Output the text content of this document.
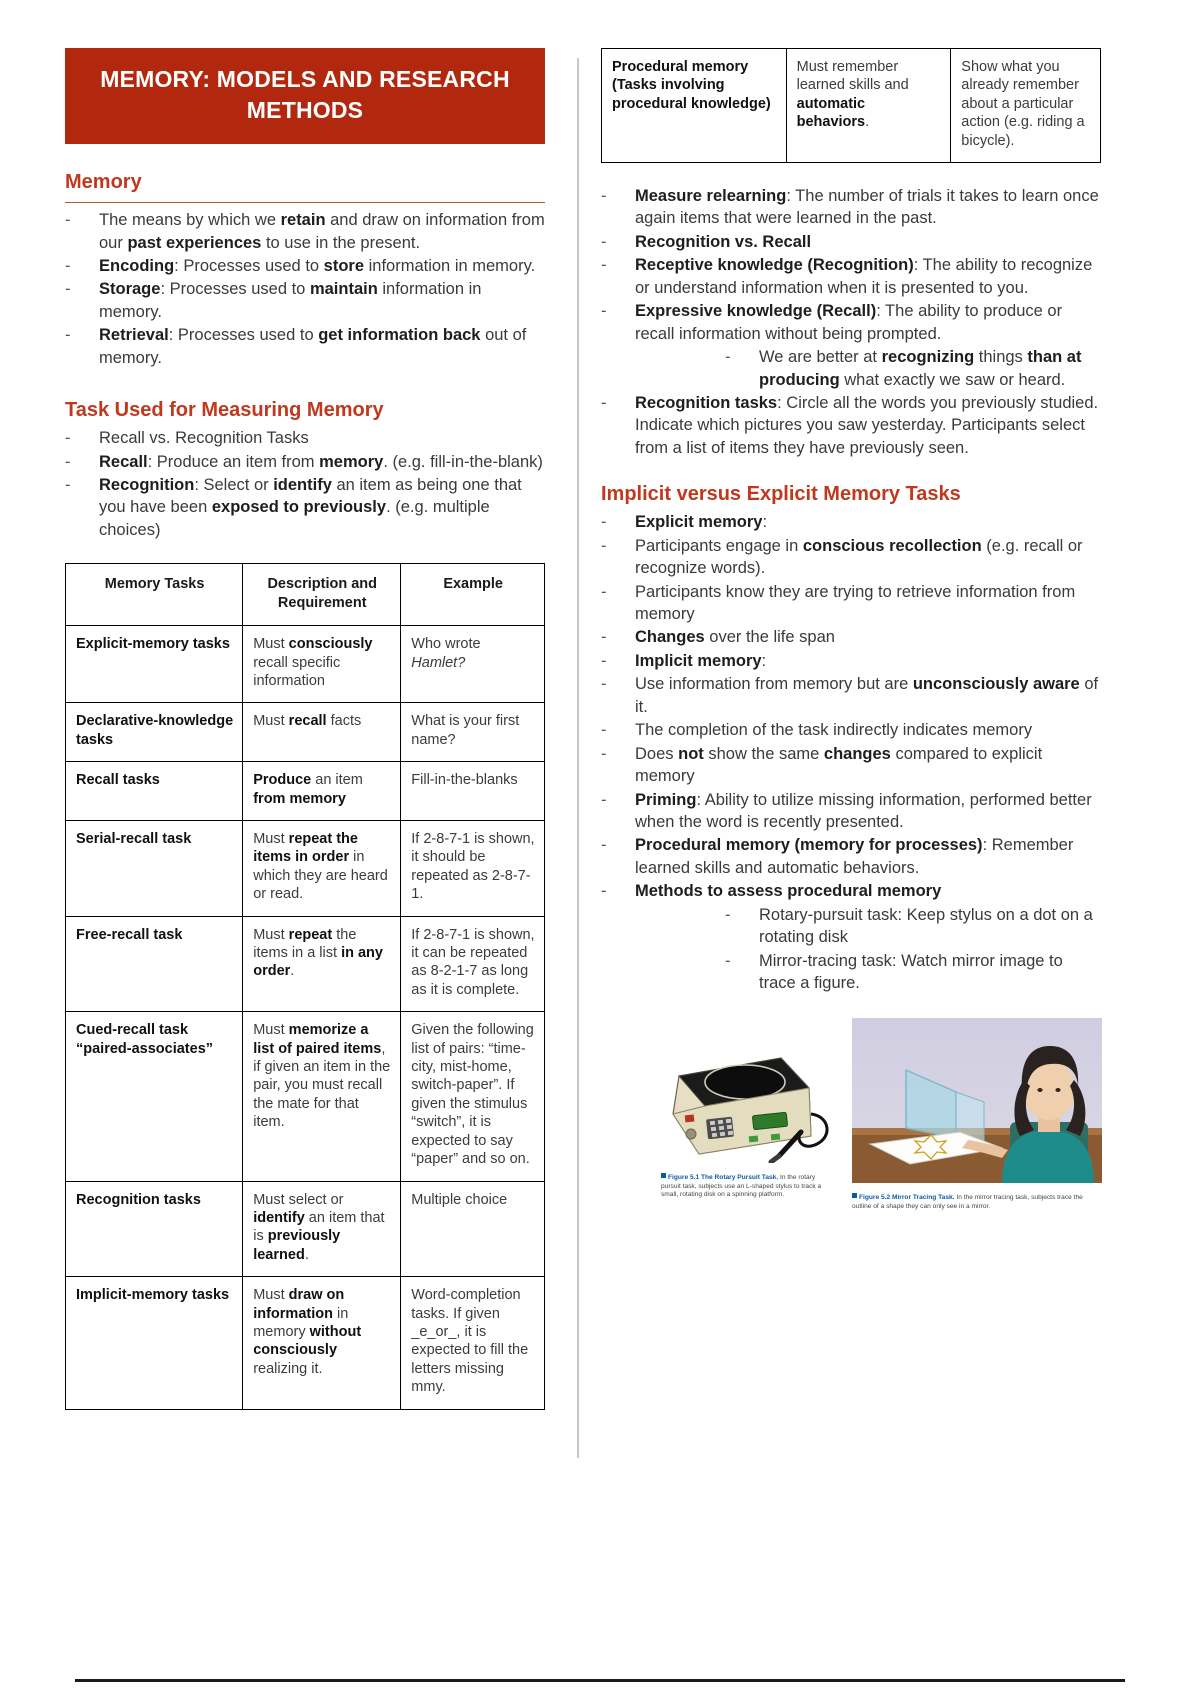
MEMORY: MODELS AND RESEARCH METHODS
Memory
- The means by which we retain and draw on information from our past experiences to use in the present.
- Encoding: Processes used to store information in memory.
- Storage: Processes used to maintain information in memory.
- Retrieval: Processes used to get information back out of memory.
Task Used for Measuring Memory
- Recall vs. Recognition Tasks
- Recall: Produce an item from memory. (e.g. fill-in-the-blank)
- Recognition: Select or identify an item as being one that you have been exposed to previously. (e.g. multiple choices)
Memory Tasks	Description and Requirement	Example
Explicit-memory tasks	Must consciously recall specific information	Who wrote Hamlet?
Declarative-knowledge tasks	Must recall facts	What is your first name?
Recall tasks	Produce an item from memory	Fill-in-the-blanks
Serial-recall task	Must repeat the items in order in which they are heard or read.	If 2-8-7-1 is shown, it should be repeated as 2-8-7-1.
Free-recall task	Must repeat the items in a list in any order.	If 2-8-7-1 is shown, it can be repeated as 8-2-1-7 as long as it is complete.
Cued-recall task “paired-associates”	Must memorize a list of paired items, if given an item in the pair, you must recall the mate for that item.	Given the following list of pairs: “time-city, mist-home, switch-paper”. If given the stimulus “switch”, it is expected to say “paper” and so on.
Recognition tasks	Must select or identify an item that is previously learned.	Multiple choice
Implicit-memory tasks	Must draw on information in memory without consciously realizing it.	Word-completion tasks. If given _e_or_, it is expected to fill the letters missing mmy.
Procedural memory (Tasks involving procedural knowledge)	Must remember learned skills and automatic behaviors.	Show what you already remember about a particular action (e.g. riding a bicycle).
- Measure relearning: The number of trials it takes to learn once again items that were learned in the past.
- Recognition vs. Recall
- Receptive knowledge (Recognition): The ability to recognize or understand information when it is presented to you.
- Expressive knowledge (Recall): The ability to produce or recall information without being prompted.
- We are better at recognizing things than at producing what exactly we saw or heard.
- Recognition tasks: Circle all the words you previously studied. Indicate which pictures you saw yesterday. Participants select from a list of items they have previously seen.
Implicit versus Explicit Memory Tasks
- Explicit memory:
- Participants engage in conscious recollection (e.g. recall or recognize words).
- Participants know they are trying to retrieve information from memory
- Changes over the life span
- Implicit memory:
- Use information from memory but are unconsciously aware of it.
- The completion of the task indirectly indicates memory
- Does not show the same changes compared to explicit memory
- Priming: Ability to utilize missing information, performed better when the word is recently presented.
- Procedural memory (memory for processes): Remember learned skills and automatic behaviors.
- Methods to assess procedural memory
- Rotary-pursuit task: Keep stylus on a dot on a rotating disk
- Mirror-tracing task: Watch mirror image to trace a figure.
Figure 5.1 The Rotary Pursuit Task. In the rotary pursuit task, subjects use an L-shaped stylus to track a small, rotating disk on a spinning platform.
Figure 5.2 Mirror Tracing Task. In the mirror tracing task, subjects trace the outline of a shape they can only see in a mirror.
